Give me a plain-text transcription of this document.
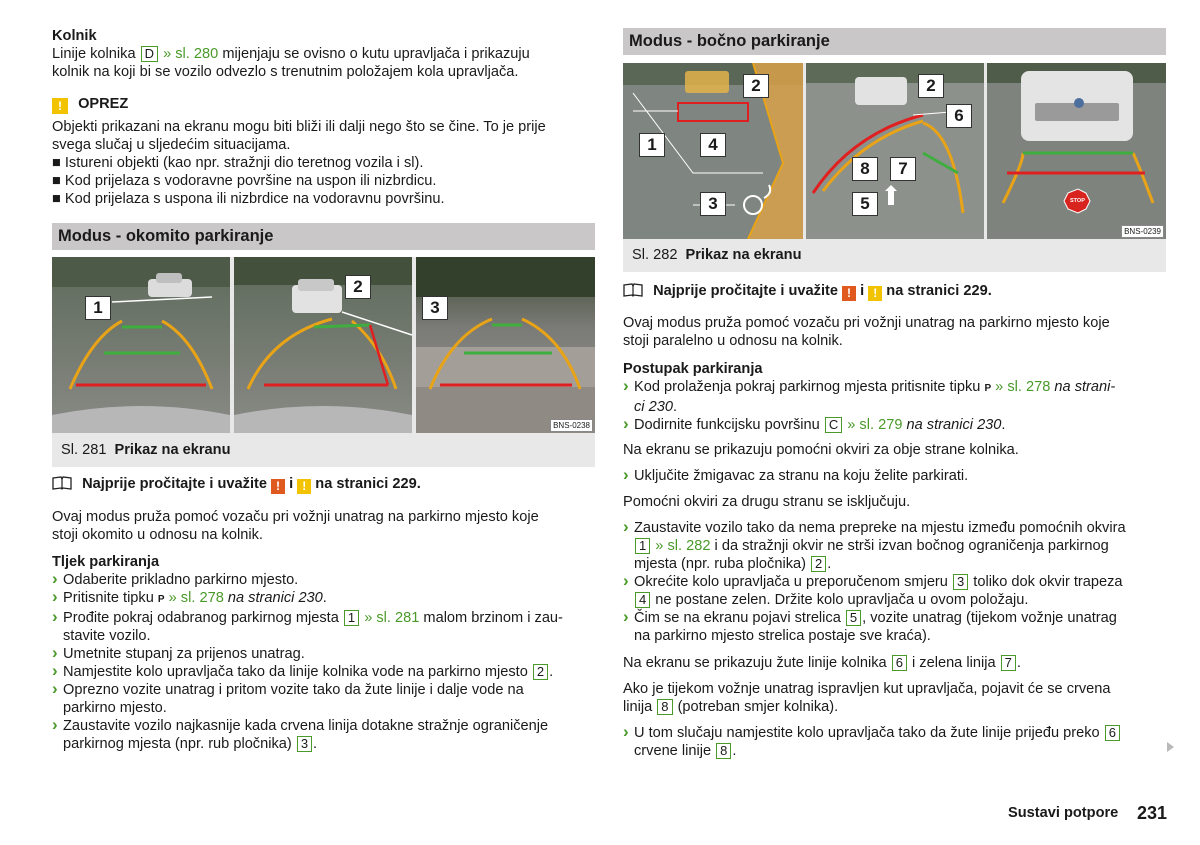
Kolnik

Linije kolnika D » sl. 280 mijenjaju se ovisno o kutu upravljača i prikazuju
kolnik na koji bi se vozilo odvezlo s trenutnim položajem kola upravljača.

! OPREZ

Objekti prikazani na ekranu mogu biti bliži ili dalji nego što se čine. To je prije

svega slučaj u sljedećim situacijama.

■ Istureni objekti (kao npr. stražnji dio teretnog vozila i sl).

■ Kod prijelaza s vodoravne površine na uspon ili nizbrdicu.

■ Kod prijelaza s uspona ili nizbrdice na vodoravnu površinu.

Modus - okomito parkiranje
1
2
3
BNS-0238
Sl. 281 Prikaz na ekranu

Najprije pročitajte i uvažite ! i ! na stranici 229.

Ovaj modus pruža pomoć vozaču pri vožnji unatrag na parkirno mjesto koje
stoji okomito u odnosu na kolnik.

Tljek parkiranja

› Odaberite prikladno parkirno mjesto.

› Pritisnite tipku P » sl. 278 na stranici 230.

› Prođite pokraj odabranog parkirnog mjesta 1 » sl. 281 malom brzinom i zau-
stavite vozilo.

› Umetnite stupanj za prijenos unatrag.

› Namjestite kolo upravljača tako da linije kolnika vode na parkirno mjesto 2 .

› Oprezno vozite unatrag i pritom vozite tako da žute linije i dalje vode na
parkirno mjesto.

› Zaustavite vozilo najkasnije kada crvena linija dotakne stražnje ograničenje
parkirnog mjesta (npr. rub pločnika) 3 .

Modus - bočno parkiranje
STOP
2
1	4
3
2
6
8	7
5
BNS-0239
Sl. 282 Prikaz na ekranu

Najprije pročitajte i uvažite ! i ! na stranici 229.

Ovaj modus pruža pomoć vozaču pri vožnji unatrag na parkirno mjesto koje
stoji paralelno u odnosu na kolnik.

Postupak parkiranja

› Kod prolaženja pokraj parkirnog mjesta pritisnite tipku P » sl. 278 na strani-
ci 230.

› Dodirnite funkcijsku površinu C » sl. 279 na stranici 230.

Na ekranu se prikazuju pomoćni okviri za obje strane kolnika.

› Uključite žmigavac za stranu na koju želite parkirati.

Pomoćni okviri za drugu stranu se isključuju.

› Zaustavite vozilo tako da nema prepreke na mjestu između pomoćnih okvira
1 » sl. 282 i da stražnji okvir ne strši izvan bočnog ograničenja parkirnog
mjesta (npr. ruba pločnika) 2 .

› Okrećite kolo upravljača u preporučenom smjeru 3 toliko dok okvir trapeza
4 ne postane zelen. Držite kolo upravljača u ovom položaju.

› Čim se na ekranu pojavi strelica 5 , vozite unatrag (tijekom vožnje unatrag
na parkirno mjesto strelica postaje sve kraća).

Na ekranu se prikazuju žute linije kolnika 6 i zelena linija 7 .

Ako je tijekom vožnje unatrag ispravljen kut upravljača, pojavit će se crvena
linija 8 (potreban smjer kolnika).

› U tom slučaju namjestite kolo upravljača tako da žute linije prijeđu preko 6
crvene linije 8 .

Sustavi potpore 231
